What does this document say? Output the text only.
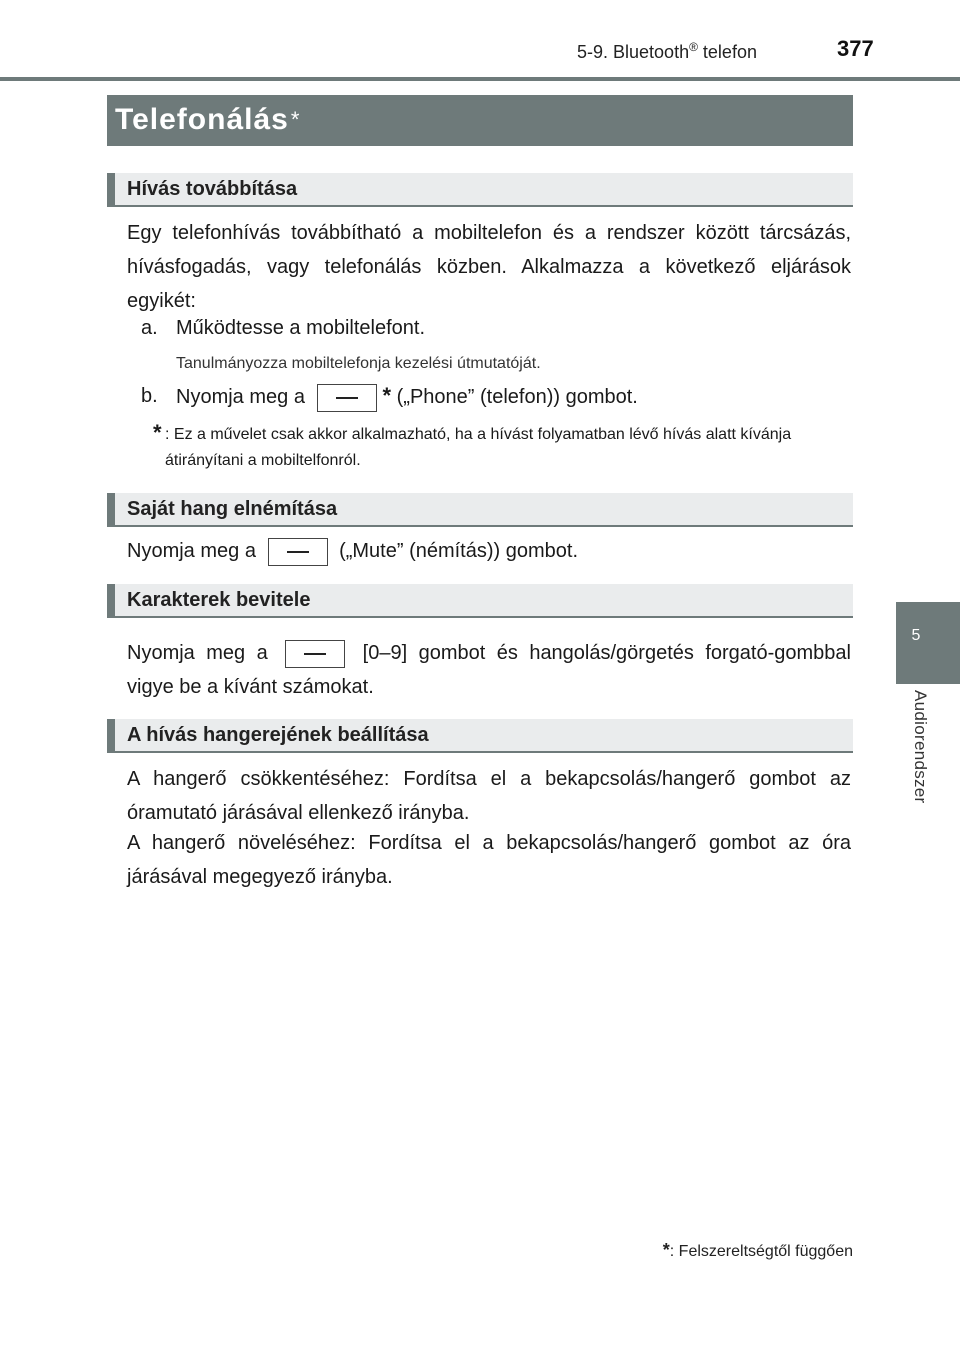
5-9. Bluetooth® telefon	377
5
Audiorendszer
Telefonálás*
Hívás továbbítása
Egy telefonhívás továbbítható a mobiltelefon és a rendszer között tárcsázás, hívásfogadás, vagy telefonálás közben. Alkalmazza a következő eljárások egyikét:
a. Működtesse a mobiltelefont.
Tanulmányozza mobiltelefonja kezelési útmutatóját.
b. Nyomja meg a	* („Phone” (telefon)) gombot.
* : Ez a művelet csak akkor alkalmazható, ha a hívást folyamatban lévő hívás alatt kívánja átirányítani a mobiltelfonról.
Saját hang elnémítása
Nyomja meg a	(„Mute” (némítás)) gombot.
Karakterek bevitele
Nyomja meg a	[0–9] gombot és hangolás/görgetés forgató-gombbal vigye be a kívánt számokat.
A hívás hangerejének beállítása
A hangerő csökkentéséhez: Fordítsa el a bekapcsolás/hangerő gombot az óramutató járásával ellenkező irányba.
A hangerő növeléséhez: Fordítsa el a bekapcsolás/hangerő gombot az óra járásával megegyező irányba.
*: Felszereltségtől függően
